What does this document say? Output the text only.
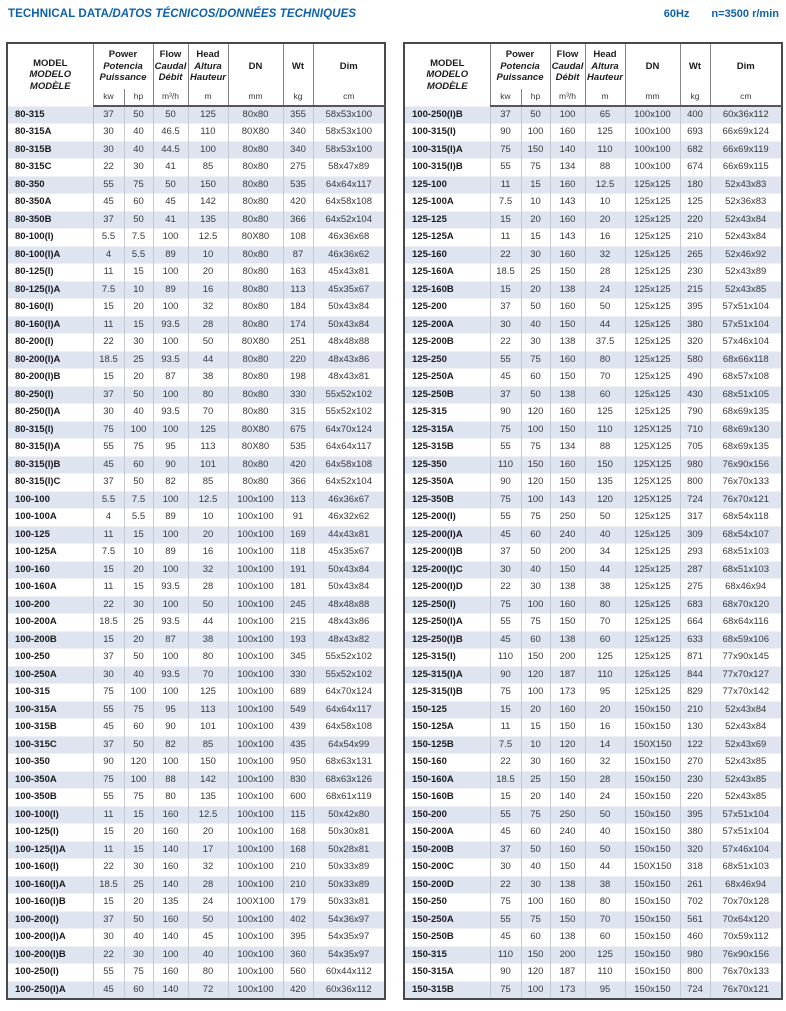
TECHNICAL DATA/DATOS TÉCNICOS/DONNÉES TECHNIQUES	60Hz n=3500 r/min
MODEL
MODELO
MODÈLE	Power
Potencia
Puissance		Flow
Caudal
Débit	Head
Altura
Hauteur	DN	Wt	Dim
	kw	hp	m³/h	m	mm	kg	cm
80-315	37	50	50	125	80x80	355	58x53x100
80-315A	30	40	46.5	110	80X80	340	58x53x100
80-315B	30	40	44.5	100	80x80	340	58x53x100
80-315C	22	30	41	85	80x80	275	58x47x89
80-350	55	75	50	150	80x80	535	64x64x117
80-350A	45	60	45	142	80x80	420	64x58x108
80-350B	37	50	41	135	80x80	366	64x52x104
80-100(I)	5.5	7.5	100	12.5	80X80	108	46x36x68
80-100(I)A	4	5.5	89	10	80x80	87	46x36x62
80-125(I)	11	15	100	20	80x80	163	45x43x81
80-125(I)A	7.5	10	89	16	80x80	113	45x35x67
80-160(I)	15	20	100	32	80x80	184	50x43x84
80-160(I)A	11	15	93.5	28	80x80	174	50x43x84
80-200(I)	22	30	100	50	80X80	251	48x48x88
80-200(I)A	18.5	25	93.5	44	80x80	220	48x43x86
80-200(I)B	15	20	87	38	80x80	198	48x43x81
80-250(I)	37	50	100	80	80x80	330	55x52x102
80-250(I)A	30	40	93.5	70	80x80	315	55x52x102
80-315(I)	75	100	100	125	80X80	675	64x70x124
80-315(I)A	55	75	95	113	80X80	535	64x64x117
80-315(I)B	45	60	90	101	80x80	420	64x58x108
80-315(I)C	37	50	82	85	80x80	366	64x52x104
100-100	5.5	7.5	100	12.5	100x100	113	46x36x67
100-100A	4	5.5	89	10	100x100	91	46x32x62
100-125	11	15	100	20	100x100	169	44x43x81
100-125A	7.5	10	89	16	100x100	118	45x35x67
100-160	15	20	100	32	100x100	191	50x43x84
100-160A	11	15	93.5	28	100x100	181	50x43x84
100-200	22	30	100	50	100x100	245	48x48x88
100-200A	18.5	25	93.5	44	100x100	215	48x43x86
100-200B	15	20	87	38	100x100	193	48x43x82
100-250	37	50	100	80	100x100	345	55x52x102
100-250A	30	40	93.5	70	100x100	330	55x52x102
100-315	75	100	100	125	100x100	689	64x70x124
100-315A	55	75	95	113	100x100	549	64x64x117
100-315B	45	60	90	101	100x100	439	64x58x108
100-315C	37	50	82	85	100x100	435	64x54x99
100-350	90	120	100	150	100x100	950	68x63x131
100-350A	75	100	88	142	100x100	830	68x63x126
100-350B	55	75	80	135	100x100	600	68x61x119
100-100(I)	11	15	160	12.5	100x100	115	50x42x80
100-125(I)	15	20	160	20	100x100	168	50x30x81
100-125(I)A	11	15	140	17	100x100	168	50x28x81
100-160(I)	22	30	160	32	100x100	210	50x33x89
100-160(I)A	18.5	25	140	28	100x100	210	50x33x89
100-160(I)B	15	20	135	24	100X100	179	50x33x81
100-200(I)	37	50	160	50	100x100	402	54x36x97
100-200(I)A	30	40	140	45	100x100	395	54x35x97
100-200(I)B	22	30	100	40	100x100	360	54x35x97
100-250(I)	55	75	160	80	100x100	560	60x44x112
100-250(I)A	45	60	140	72	100x100	420	60x36x112
MODEL
MODELO
MODÈLE	Power
Potencia
Puissance		Flow
Caudal
Débit	Head
Altura
Hauteur	DN	Wt	Dim
	kw	hp	m³/h	m	mm	kg	cm
100-250(I)B	37	50	100	65	100x100	400	60x36x112
100-315(I)	90	100	160	125	100x100	693	66x69x124
100-315(I)A	75	150	140	110	100x100	682	66x69x119
100-315(I)B	55	75	134	88	100x100	674	66x69x115
125-100	11	15	160	12.5	125x125	180	52x43x83
125-100A	7.5	10	143	10	125x125	125	52x36x83
125-125	15	20	160	20	125x125	220	52x43x84
125-125A	11	15	143	16	125x125	210	52x43x84
125-160	22	30	160	32	125x125	265	52x46x92
125-160A	18.5	25	150	28	125x125	230	52x43x89
125-160B	15	20	138	24	125x125	215	52x43x85
125-200	37	50	160	50	125x125	395	57x51x104
125-200A	30	40	150	44	125x125	380	57x51x104
125-200B	22	30	138	37.5	125x125	320	57x46x104
125-250	55	75	160	80	125x125	580	68x66x118
125-250A	45	60	150	70	125x125	490	68x57x108
125-250B	37	50	138	60	125x125	430	68x51x105
125-315	90	120	160	125	125x125	790	68x69x135
125-315A	75	100	150	110	125X125	710	68x69x130
125-315B	55	75	134	88	125X125	705	68x69x135
125-350	110	150	160	150	125X125	980	76x90x156
125-350A	90	120	150	135	125X125	800	76x70x133
125-350B	75	100	143	120	125X125	724	76x70x121
125-200(I)	55	75	250	50	125x125	317	68x54x118
125-200(I)A	45	60	240	40	125x125	309	68x54x107
125-200(I)B	37	50	200	34	125x125	293	68x51x103
125-200(I)C	30	40	150	44	125x125	287	68x51x103
125-200(I)D	22	30	138	38	125x125	275	68x46x94
125-250(I)	75	100	160	80	125x125	683	68x70x120
125-250(I)A	55	75	150	70	125x125	664	68x64x116
125-250(I)B	45	60	138	60	125x125	633	68x59x106
125-315(I)	110	150	200	125	125x125	871	77x90x145
125-315(I)A	90	120	187	110	125x125	844	77x70x127
125-315(I)B	75	100	173	95	125x125	829	77x70x142
150-125	15	20	160	20	150x150	210	52x43x84
150-125A	11	15	150	16	150x150	130	52x43x84
150-125B	7.5	10	120	14	150X150	122	52x43x69
150-160	22	30	160	32	150x150	270	52x43x85
150-160A	18.5	25	150	28	150x150	230	52x43x85
150-160B	15	20	140	24	150x150	220	52x43x85
150-200	55	75	250	50	150x150	395	57x51x104
150-200A	45	60	240	40	150x150	380	57x51x104
150-200B	37	50	160	50	150x150	320	57x46x104
150-200C	30	40	150	44	150X150	318	68x51x103
150-200D	22	30	138	38	150x150	261	68x46x94
150-250	75	100	160	80	150x150	702	70x70x128
150-250A	55	75	150	70	150x150	561	70x64x120
150-250B	45	60	138	60	150x150	460	70x59x112
150-315	110	150	200	125	150x150	980	76x90x156
150-315A	90	120	187	110	150x150	800	76x70x133
150-315B	75	100	173	95	150x150	724	76x70x121
